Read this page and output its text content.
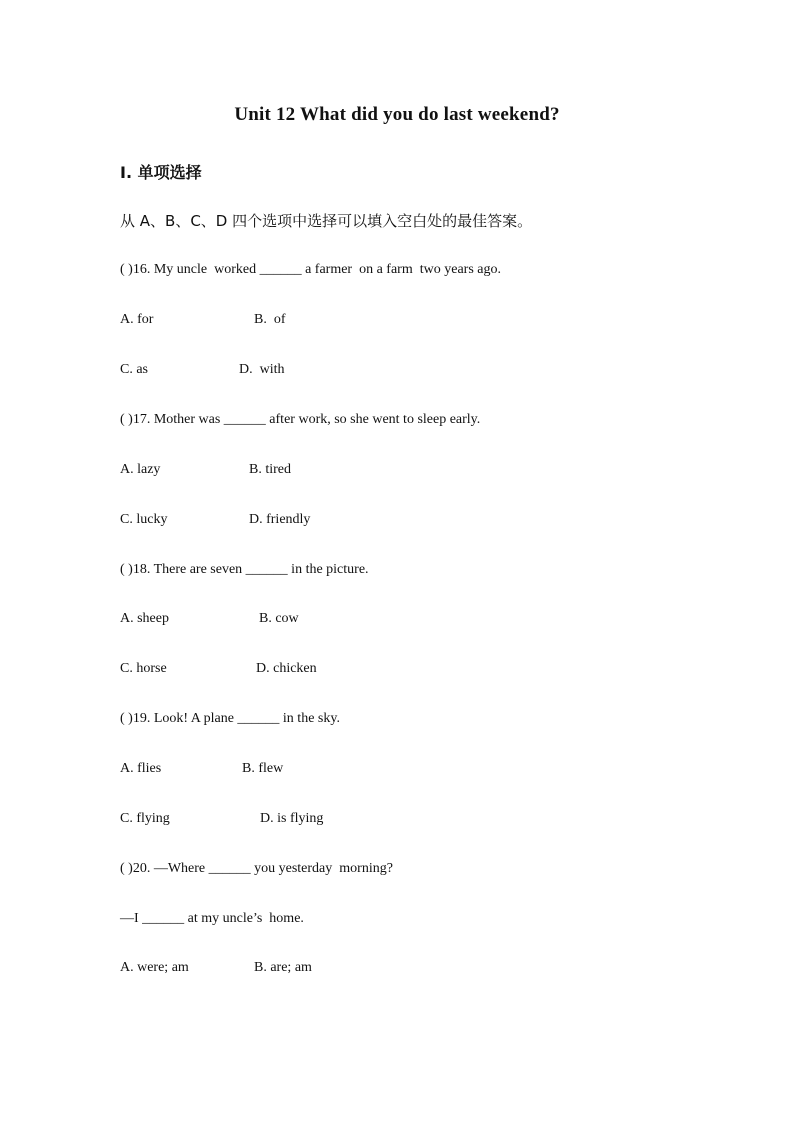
Unit 12 What did you do last weekend?
Ⅰ. 单项选择
从 A、B、C、D 四个选项中选择可以填入空白处的最佳答案。
( )16. My uncle  worked ______ a farmer  on a farm  two years ago.
A. for	B.  of
C. as	D.  with
( )17. Mother was ______ after work, so she went to sleep early.
A. lazy	B. tired
C. lucky	D. friendly
( )18. There are seven ______ in the picture.
A. sheep	B. cow
C. horse	D. chicken
( )19. Look! A plane ______ in the sky.
A. flies	B. flew
C. flying	D. is flying
( )20. —Where ______ you yesterday  morning?
—I ______ at my uncle’s  home.
A. were; am	B. are; am
